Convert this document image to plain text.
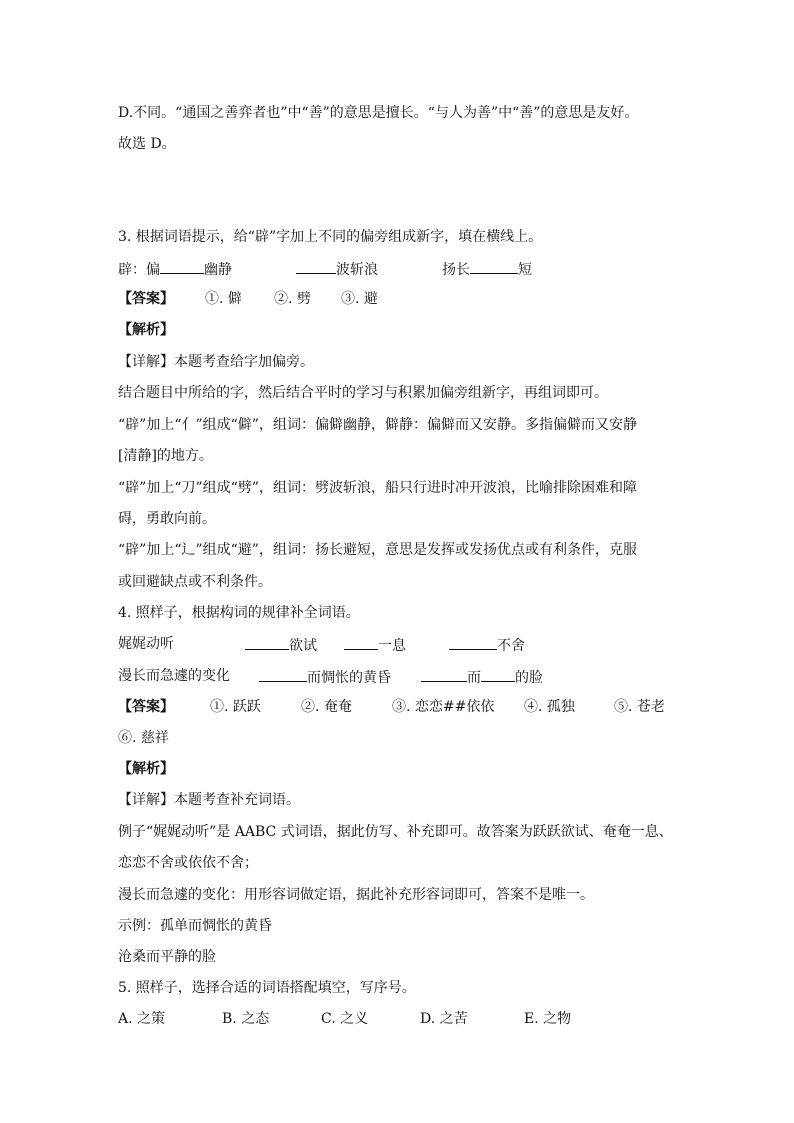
D.不同。“通国之善弈者也”中“善”的意思是擅长。“与人为善”中“善”的意思是友好。
故选 D。
3. 根据词语提示，给“辟”字加上不同的偏旁组成新字，填在横线上。
辟：偏	幽静	波斩浪	扬长	短
【答案】 ①. 僻 ②. 劈 ③. 避
【解析】
【详解】本题考查给字加偏旁。
结合题目中所给的字，然后结合平时的学习与积累加偏旁组新字，再组词即可。
“辟”加上“亻”组成“僻”，组词：偏僻幽静，僻静：偏僻而又安静。多指偏僻而又安静
[清静]的地方。
“辟”加上“刀”组成“劈”，组词：劈波斩浪，船只行进时冲开波浪，比喻排除困难和障
碍，勇敢向前。
“辟”加上“辶”组成“避”，组词：扬长避短，意思是发挥或发扬优点或有利条件，克服
或回避缺点或不利条件。
4. 照样子，根据构词的规律补全词语。
娓娓动听	欲试	一息	不舍
漫长而急遽的变化	而惆怅的黄昏	而 的脸
【答案】	①. 跃跃	②. 奄奄	③. 恋恋##依依 ④. 孤独	⑤. 苍老
⑥. 慈祥
【解析】
【详解】本题考查补充词语。
例子“娓娓动听”是 AABC 式词语，据此仿写、补充即可。故答案为跃跃欲试、奄奄一息、
恋恋不舍或依依不舍；
漫长而急遽的变化：用形容词做定语，据此补充形容词即可，答案不是唯一。
示例：孤单而惆怅的黄昏
沧桑而平静的脸
5. 照样子，选择合适的词语搭配填空，写序号。
A. 之策	B. 之态	C. 之义	D. 之苦	E. 之物
